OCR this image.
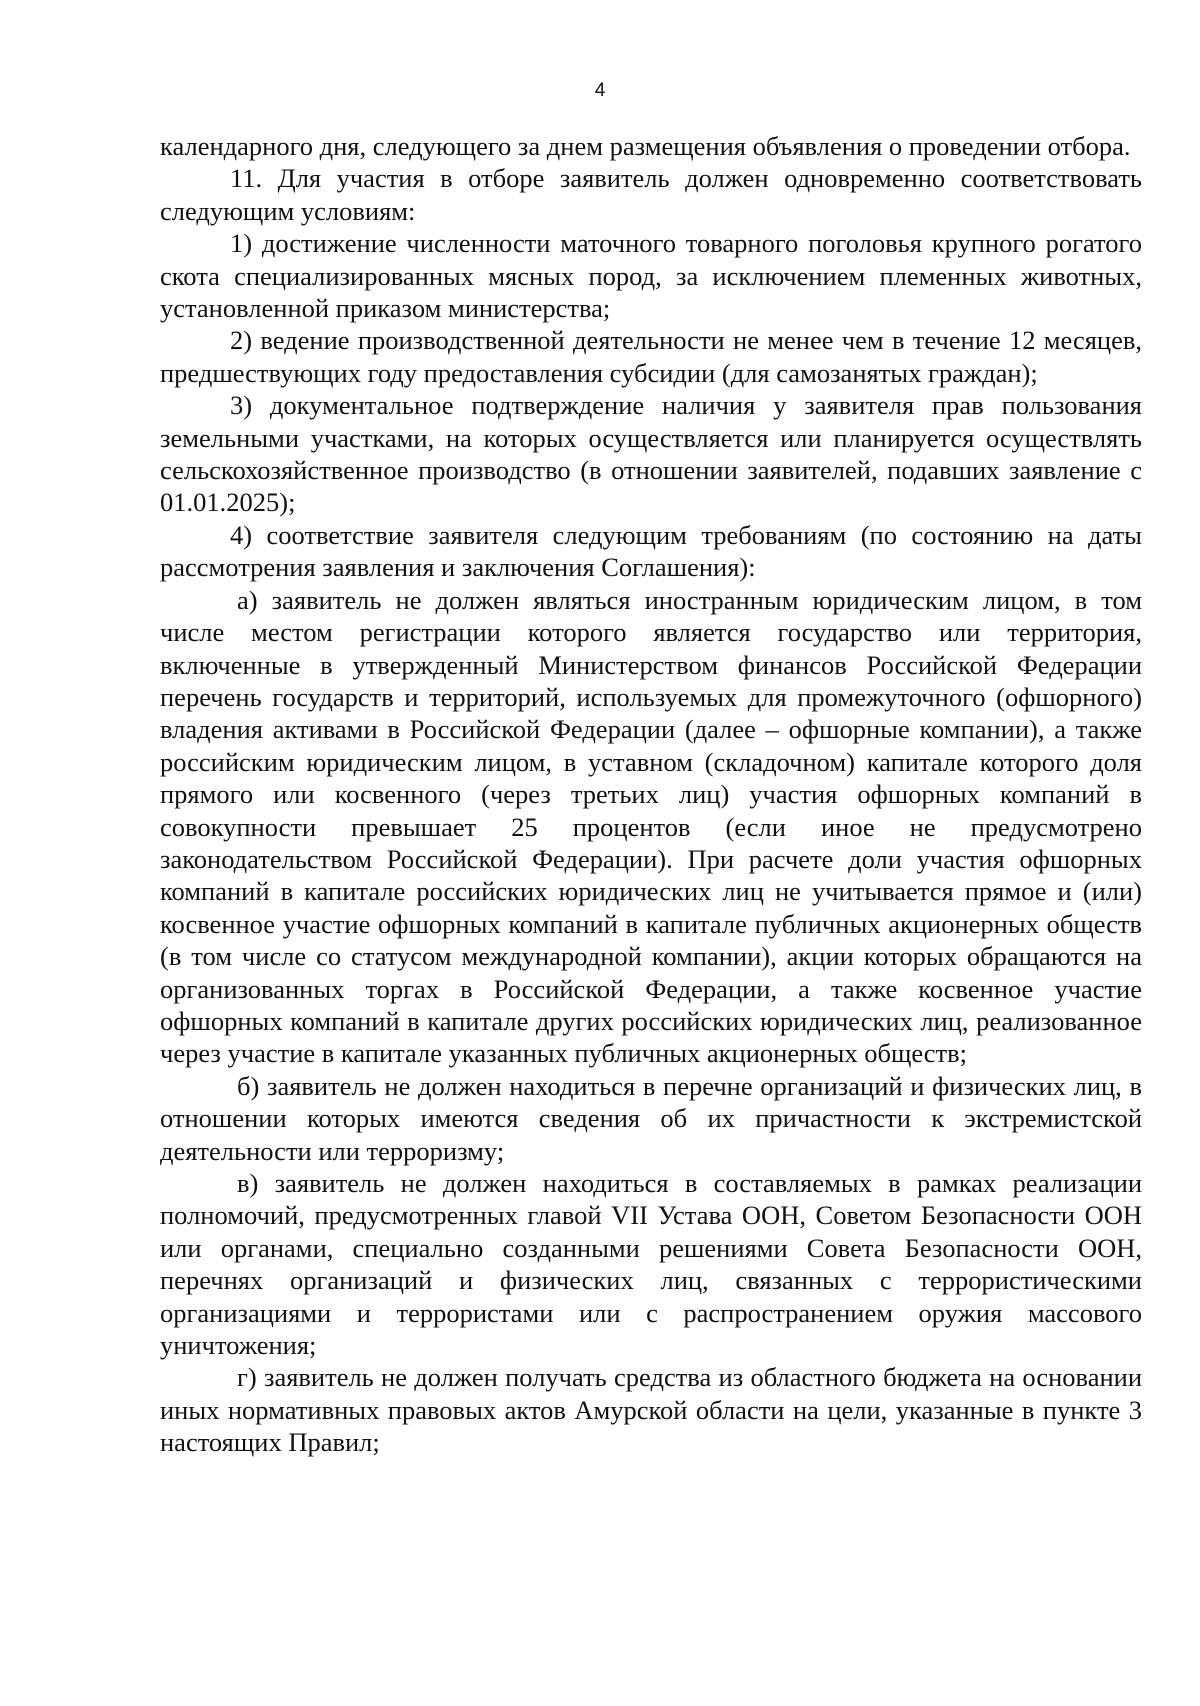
4

календарного дня, следующего за днем размещения объявления о проведении отбора.

11. Для участия в отборе заявитель должен одновременно соответствовать следующим условиям:

1) достижение численности маточного товарного поголовья крупного рогатого скота специализированных мясных пород, за исключением племенных животных, установленной приказом министерства;

2) ведение производственной деятельности не менее чем в течение 12 месяцев, предшествующих году предоставления субсидии (для самозанятых граждан);

3) документальное подтверждение наличия у заявителя прав пользования земельными участками, на которых осуществляется или планируется осуществлять сельскохозяйственное производство (в отношении заявителей, подавших заявление с 01.01.2025);

4) соответствие заявителя следующим требованиям (по состоянию на даты рассмотрения заявления и заключения Соглашения):

а) заявитель не должен являться иностранным юридическим лицом, в том числе местом регистрации которого является государство или территория, включенные в утвержденный Министерством финансов Российской Федерации перечень государств и территорий, используемых для промежуточного (офшорного) владения активами в Российской Федерации (далее – офшорные компании), а также российским юридическим лицом, в уставном (складочном) капитале которого доля прямого или косвенного (через третьих лиц) участия офшорных компаний в совокупности превышает 25 процентов (если иное не предусмотрено законодательством Российской Федерации). При расчете доли участия офшорных компаний в капитале российских юридических лиц не учитывается прямое и (или) косвенное участие офшорных компаний в капитале публичных акционерных обществ (в том числе со статусом международной компании), акции которых обращаются на организованных торгах в Российской Федерации, а также косвенное участие офшорных компаний в капитале других российских юридических лиц, реализованное через участие в капитале указанных публичных акционерных обществ;

б) заявитель не должен находиться в перечне организаций и физических лиц, в отношении которых имеются сведения об их причастности к экстремистской деятельности или терроризму;

в) заявитель не должен находиться в составляемых в рамках реализации полномочий, предусмотренных главой VII Устава ООН, Советом Безопасности ООН или органами, специально созданными решениями Совета Безопасности ООН, перечнях организаций и физических лиц, связанных с террористическими организациями и террористами или с распространением оружия массового уничтожения;

г) заявитель не должен получать средства из областного бюджета на основании иных нормативных правовых актов Амурской области на цели, указанные в пункте 3 настоящих Правил;
